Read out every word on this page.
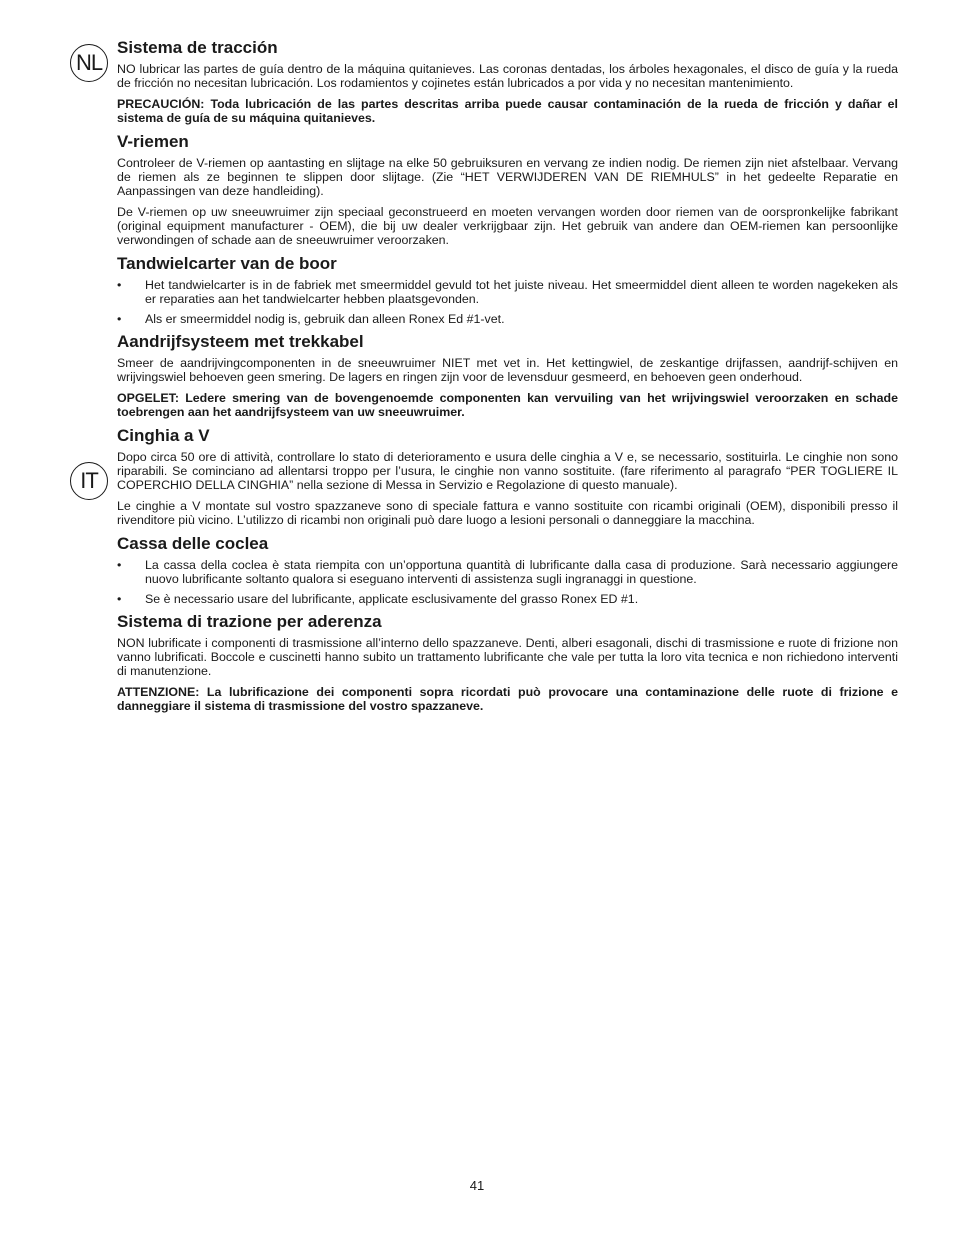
NL
IT
Sistema de tracción

NO lubricar las partes de guía dentro de la máquina quitanieves. Las coronas dentadas, los árboles hexagonales, el disco de guía y la rueda de fricción no necesitan lubricación. Los rodamientos y cojinetes están lubricados a por vida y no necesitan mantenimiento.

PRECAUCIÓN: Toda lubricación de las partes descritas arriba puede causar contaminación de la rueda de fricción y dañar el sistema de guía de su máquina quitanieves.

V-riemen

Controleer de V-riemen op aantasting en slijtage na elke 50 gebruiksuren en vervang ze indien nodig. De riemen zijn niet afstelbaar. Vervang de riemen als ze beginnen te slippen door slijtage. (Zie “HET VERWIJDEREN VAN DE RIEMHULS” in het gedeelte Reparatie en Aanpassingen van deze handleiding).

De V-riemen op uw sneeuwruimer zijn speciaal geconstrueerd en moeten vervangen worden door riemen van de oorspronkelijke fabrikant (original equipment manufacturer - OEM), die bij uw dealer verkrijgbaar zijn. Het gebruik van andere dan OEM-riemen kan persoonlijke verwondingen of schade aan de sneeuwruimer veroorzaken.

Tandwielcarter van de boor
• Het tandwielcarter is in de fabriek met smeermiddel gevuld tot het juiste niveau. Het smeermiddel dient alleen te worden nagekeken als er reparaties aan het tandwielcarter hebben plaatsgevonden.
• Als er smeermiddel nodig is, gebruik dan alleen Ronex Ed #1-vet.
Aandrijfsysteem met trekkabel

Smeer de aandrijvingcomponenten in de sneeuwruimer NIET met vet in. Het kettingwiel, de zeskantige drijfassen, aandrijf-schijven en wrijvingswiel behoeven geen smering. De lagers en ringen zijn voor de levensduur gesmeerd, en behoeven geen onderhoud.

OPGELET: Ledere smering van de bovengenoemde componenten kan vervuiling van het wrijvingswiel veroorzaken en schade toebrengen aan het aandrijfsysteem van uw sneeuwruimer.

Cinghia a V

Dopo circa 50 ore di attività, controllare lo stato di deterioramento e usura delle cinghia a V e, se necessario, sostituirla. Le cinghie non sono riparabili. Se cominciano ad allentarsi troppo per l’usura, le cinghie non vanno sostituite. (fare riferimento al paragrafo “PER TOGLIERE IL COPERCHIO DELLA CINGHIA” nella sezione di Messa in Servizio e Regolazione di questo manuale).

Le cinghie a V montate sul vostro spazzaneve sono di speciale fattura e vanno sostituite con ricambi originali (OEM), disponibili presso il rivenditore più vicino. L’utilizzo di ricambi non originali può dare luogo a lesioni personali o danneggiare la macchina.

Cassa delle coclea
• La cassa della coclea è stata riempita con un’opportuna quantità di lubrificante dalla casa di produzione. Sarà necessario aggiungere nuovo lubrificante soltanto qualora si eseguano interventi di assistenza sugli ingranaggi in questione.
• Se è necessario usare del lubrificante, applicate esclusivamente del grasso Ronex ED #1.
Sistema di trazione per aderenza

NON lubrificate i componenti di trasmissione all’interno dello spazzaneve. Denti, alberi esagonali, dischi di trasmissione e ruote di frizione non vanno lubrificati. Boccole e cuscinetti hanno subito un trattamento lubrificante che vale per tutta la loro vita tecnica e non richiedono interventi di manutenzione.

ATTENZIONE: La lubrificazione dei componenti sopra ricordati può provocare una contaminazione delle ruote di frizione e danneggiare il sistema di trasmissione del vostro spazzaneve.

41
